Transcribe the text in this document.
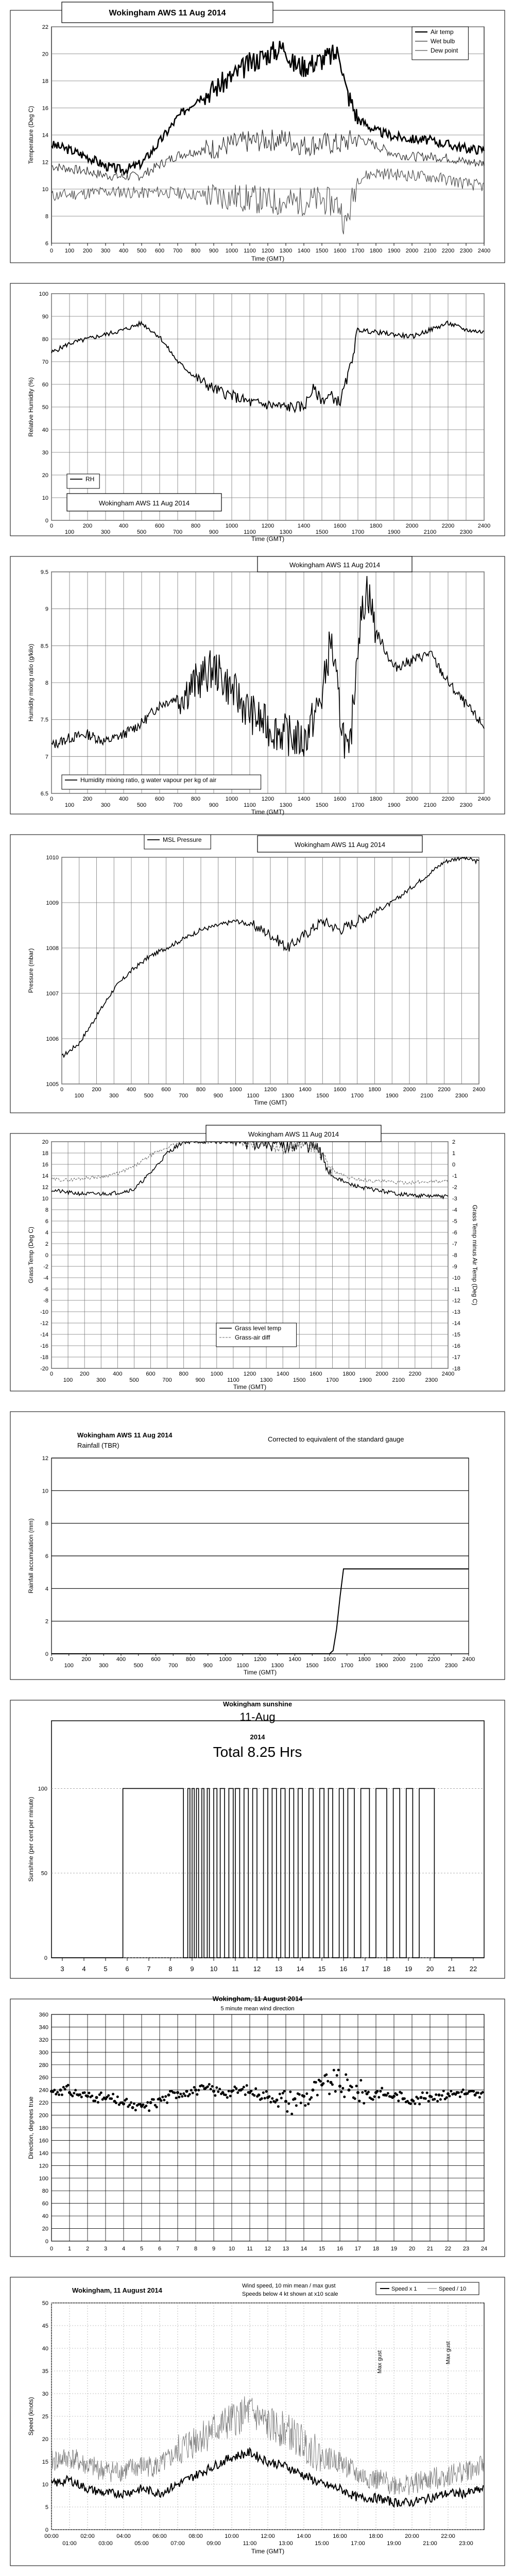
6
8
10
12
14
16
18
20
22
0 100 200 300 400 500 600 700 800 900 1000 1100 1200 1300 1400 1500 1600 1700 1800 1900 2000 2100 2200 2300 2400
Time (GMT)
Temperature (Deg C)
Wokingham AWS 11 Aug 2014
Air temp
Wet bulb
Dew point
0
10
20
30
40
50
60
70
80
90
100
0	200	400	600	800	1000	1200	1400	1600	1800	2000	2200	2400
100	300	500	700	900	1100	1300	1500	1700	1900	2100	2300
Time (GMT)
Relative Humidity (%)
RH
Wokingham AWS 11 Aug 2014
6.5
7
7.5
8
8.5
9
9.5
0	200	400	600	800	1000	1200	1400	1600	1800	2000	2200	2400
100	300	500	700	900	1100	1300	1500	1700	1900	2100	2300
Time (GMT)
Humidity mixing ratio (g/kilo)
Wokingham AWS 11 Aug 2014
Humidity mixing ratio, g water vapour per kg of air
1005
1006
1007
1008
1009
1010
0	200	400	600	800	1000	1200	1400	1600	1800	2000	2200	2400
100	300	500	700	900	1100	1300	1500	1700	1900	2100	2300
Time (GMT)
Pressure (mbar)
MSL Pressure
Wokingham AWS 11 Aug 2014
20
18
16
14
12
10
8
6
4
2
0
-2
-4
-6
-8
-10
-12
-14
-16
-18
-20
2
1
0
-1
-2
-3
-4
-5
-6
-7
-8
-9
-10
-11
-12
-13
-14
-15
-16
-17
-18
0	200	400	600	800	1000	1200	1400	1600	1800	2000	2200	2400
100	300	500	700	900	1100	1300	1500	1700	1900	2100	2300
Time (GMT)
Grass Temp (Deg C)	Grass Temp minus Air Temp (Deg C)
Wokingham AWS 11 Aug 2014
Grass level temp
Grass-air diff
0
2
4
6
8
10
12
0	200	400	600	800	1000	1200	1400	1600	1800	2000	2200	2400
100	300	500	700	900	1100	1300	1500	1700	1900	2100	2300
Time (GMT)
Rainfall accumulation (mm)
Wokingham AWS 11 Aug 2014
Rainfall (TBR)
Corrected to equivalent of the standard gauge
0
50
100
3	4	5	6	7	8	9 10 11 12 13 14 15 16 17 18 19 20 21 22
Sunshine (per cent per minute)
Wokingham sunshine
11-Aug
2014
Total 8.25 Hrs
0
20
40
60
80
100
120
140
160
180
200
220
240
260
280
300
320
340
360
0	1	2	3	4	5	6	7	8	9 10 11 12 13 14 15 16 17 18 19 20 21 22 23 24
Direction, degrees true
Wokingham, 11 August 2014
5 minute mean wind direction
0
5
10
15
20
25
30
35
40
45
50
00:00	02:00	04:00	06:00	08:00	10:00	12:00	14:00	16:00	18:00	20:00	22:00
01:00	03:00	05:00	07:00	09:00	11:00	13:00	15:00	17:00	19:00	21:00	23:00
Time (GMT)
Speed (knots)
Max gust	Max gust
Wokingham, 11 August 2014
Wind speed, 10 min mean / max gust
Speeds below 4 kt shown at x10 scale
Speed x 1	Speed / 10
